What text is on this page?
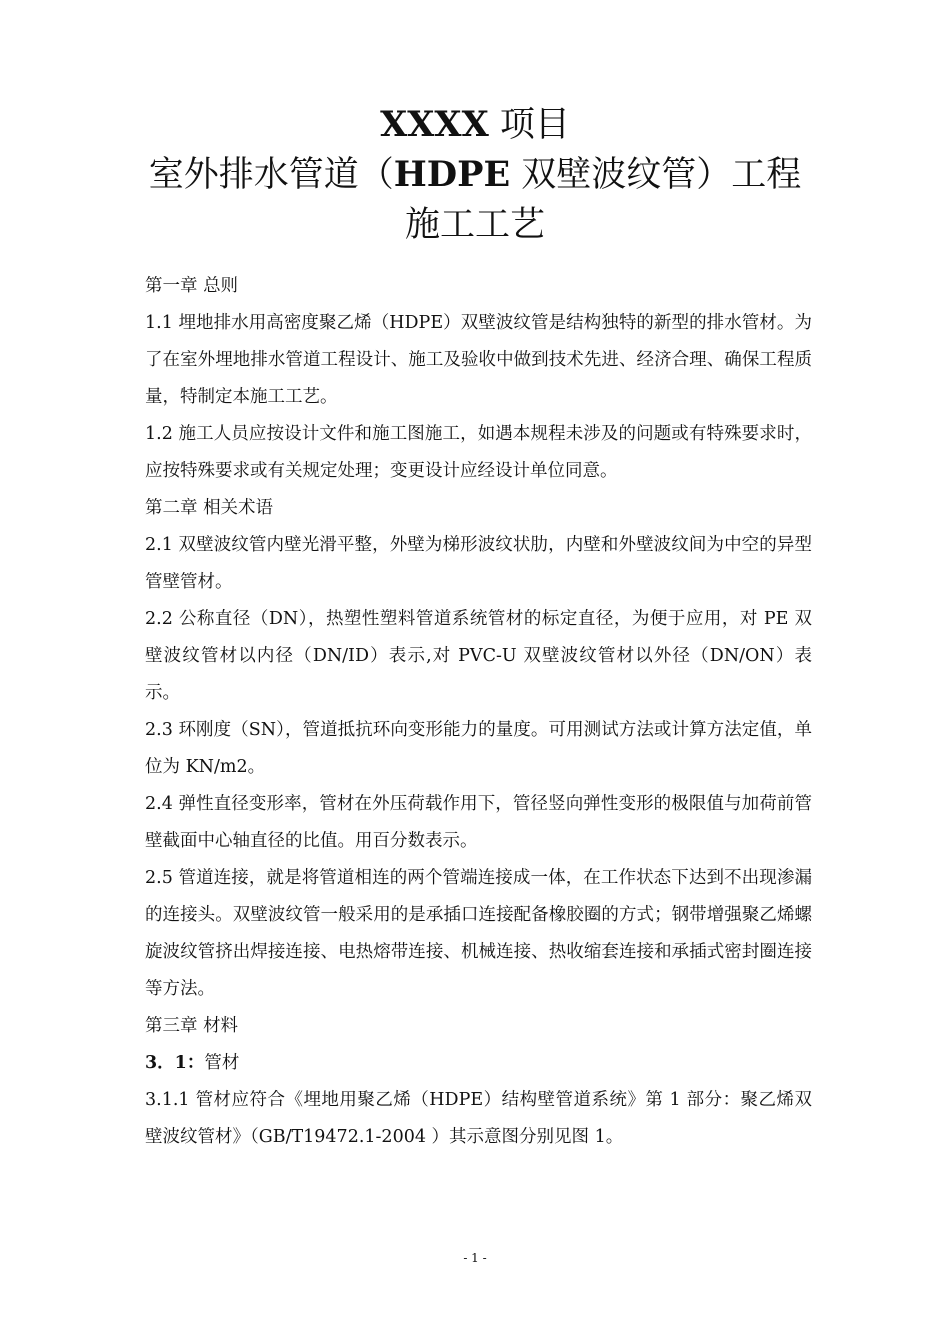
XXXX 项目
室外排水管道（HDPE 双壁波纹管）工程
施工工艺

第一章 总则

1.1 埋地排水用高密度聚乙烯（HDPE）双壁波纹管是结构独特的新型的排水管材。为了在室外埋地排水管道工程设计、施工及验收中做到技术先进、经济合理、确保工程质量，特制定本施工工艺。

1.2 施工人员应按设计文件和施工图施工，如遇本规程未涉及的问题或有特殊要求时，应按特殊要求或有关规定处理；变更设计应经设计单位同意。

第二章 相关术语

2.1 双壁波纹管内壁光滑平整，外壁为梯形波纹状肋，内壁和外壁波纹间为中空的异型管壁管材。

2.2 公称直径（DN），热塑性塑料管道系统管材的标定直径，为便于应用，对 PE 双壁波纹管材以内径（DN/ID）表示,对 PVC-U 双壁波纹管材以外径（DN/ON）表示。

2.3 环刚度（SN），管道抵抗环向变形能力的量度。可用测试方法或计算方法定值，单位为 KN/m2。

2.4 弹性直径变形率，管材在外压荷载作用下，管径竖向弹性变形的极限值与加荷前管壁截面中心轴直径的比值。用百分数表示。

2.5 管道连接，就是将管道相连的两个管端连接成一体，在工作状态下达到不出现渗漏的连接头。双壁波纹管一般采用的是承插口连接配备橡胶圈的方式；钢带增强聚乙烯螺旋波纹管挤出焊接连接、电热熔带连接、机械连接、热收缩套连接和承插式密封圈连接等方法。

第三章 材料

3．1：管材

3.1.1 管材应符合《埋地用聚乙烯（HDPE）结构壁管道系统》第 1 部分：聚乙烯双壁波纹管材》（GB/T19472.1-2004 ）其示意图分别见图 1。

- 1 -
